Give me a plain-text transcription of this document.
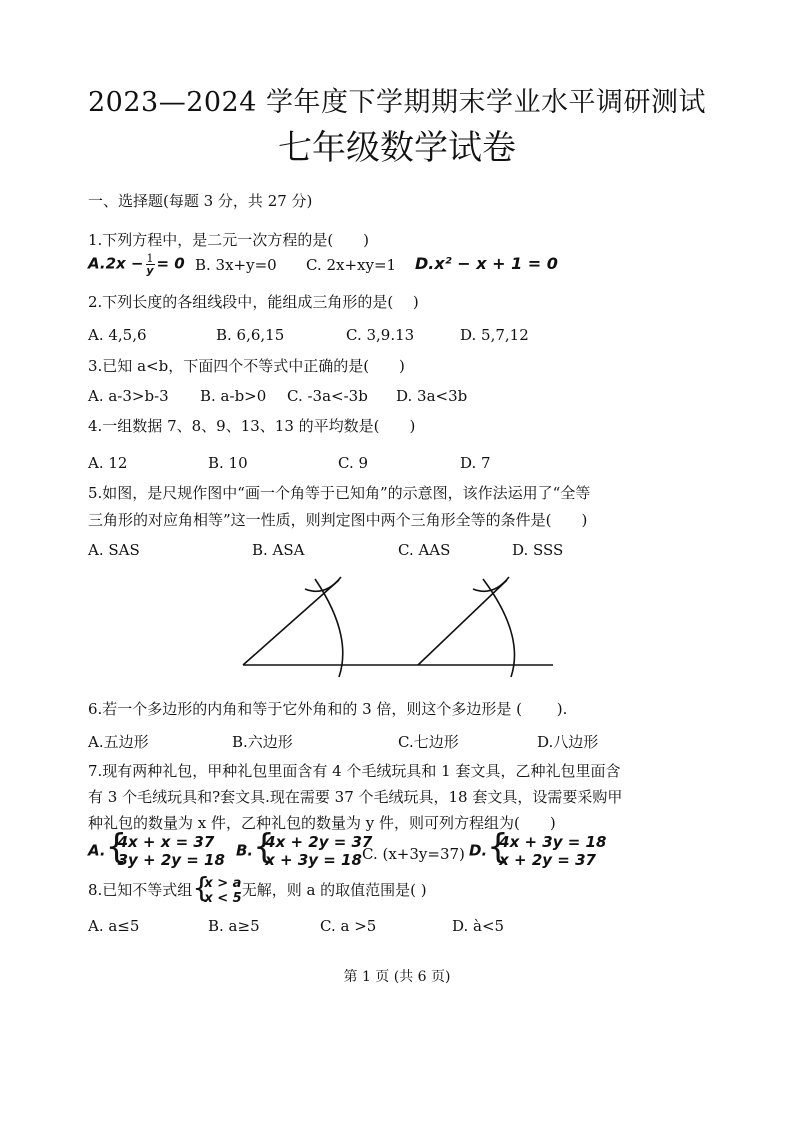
2023—2024 学年度下学期期末学业水平调研测试
七年级数学试卷
一、选择题(每题 3 分，共 27 分)
1.下列方程中，是二元一次方程的是(　　)
$A.2x - \frac{1}{y} = 0$ B. 3x+y=0 C. 2x+xy=1 D.x² − x + 1 = 0
2.下列长度的各组线段中，能组成三角形的是(　 )
A. 4,5,6	B. 6,6,15	C. 3,9.13	D. 5,7,12
3.已知 a<b，下面四个不等式中正确的是(　　)
A. a-3>b-3 B. a-b>0 C. -3a<-3b D. 3a<3b
4.一组数据 7、8、9、13、13 的平均数是(　　)
A. 12	B. 10	C. 9	D. 7
5.如图，是尺规作图中“画一个角等于已知角”的示意图，该作法运用了“全等
三角形的对应角相等”这一性质，则判定图中两个三角形全等的条件是(　　)
A. SAS	B. ASA	C. AAS	D. SSS
6.若一个多边形的内角和等于它外角和的 3 倍，则这个多边形是 (　　 ).
A.五边形	B.六边形	C.七边形	D.八边形
7.现有两种礼包，甲种礼包里面含有 4 个毛绒玩具和 1 套文具，乙种礼包里面含
有 3 个毛绒玩具和?套文具.现在需要 37 个毛绒玩具，18 套文具，设需要采购甲
种礼包的数量为 x 件，乙种礼包的数量为 y 件，则可列方程组为(　　)
A. {
4x + x = 37
3y + 2y = 18
B. {
4x + 2y = 37
x + 3y = 18 C. (x+3y=37) D. {
4x + 3y = 18
x + 2y = 37
8.已知不等式组 {
x > a
x < 5 无解，则 a 的取值范围是( )
A. a≤5	B. a≥5	C. a >5	D. à<5
第 1 页 (共 6 页)
